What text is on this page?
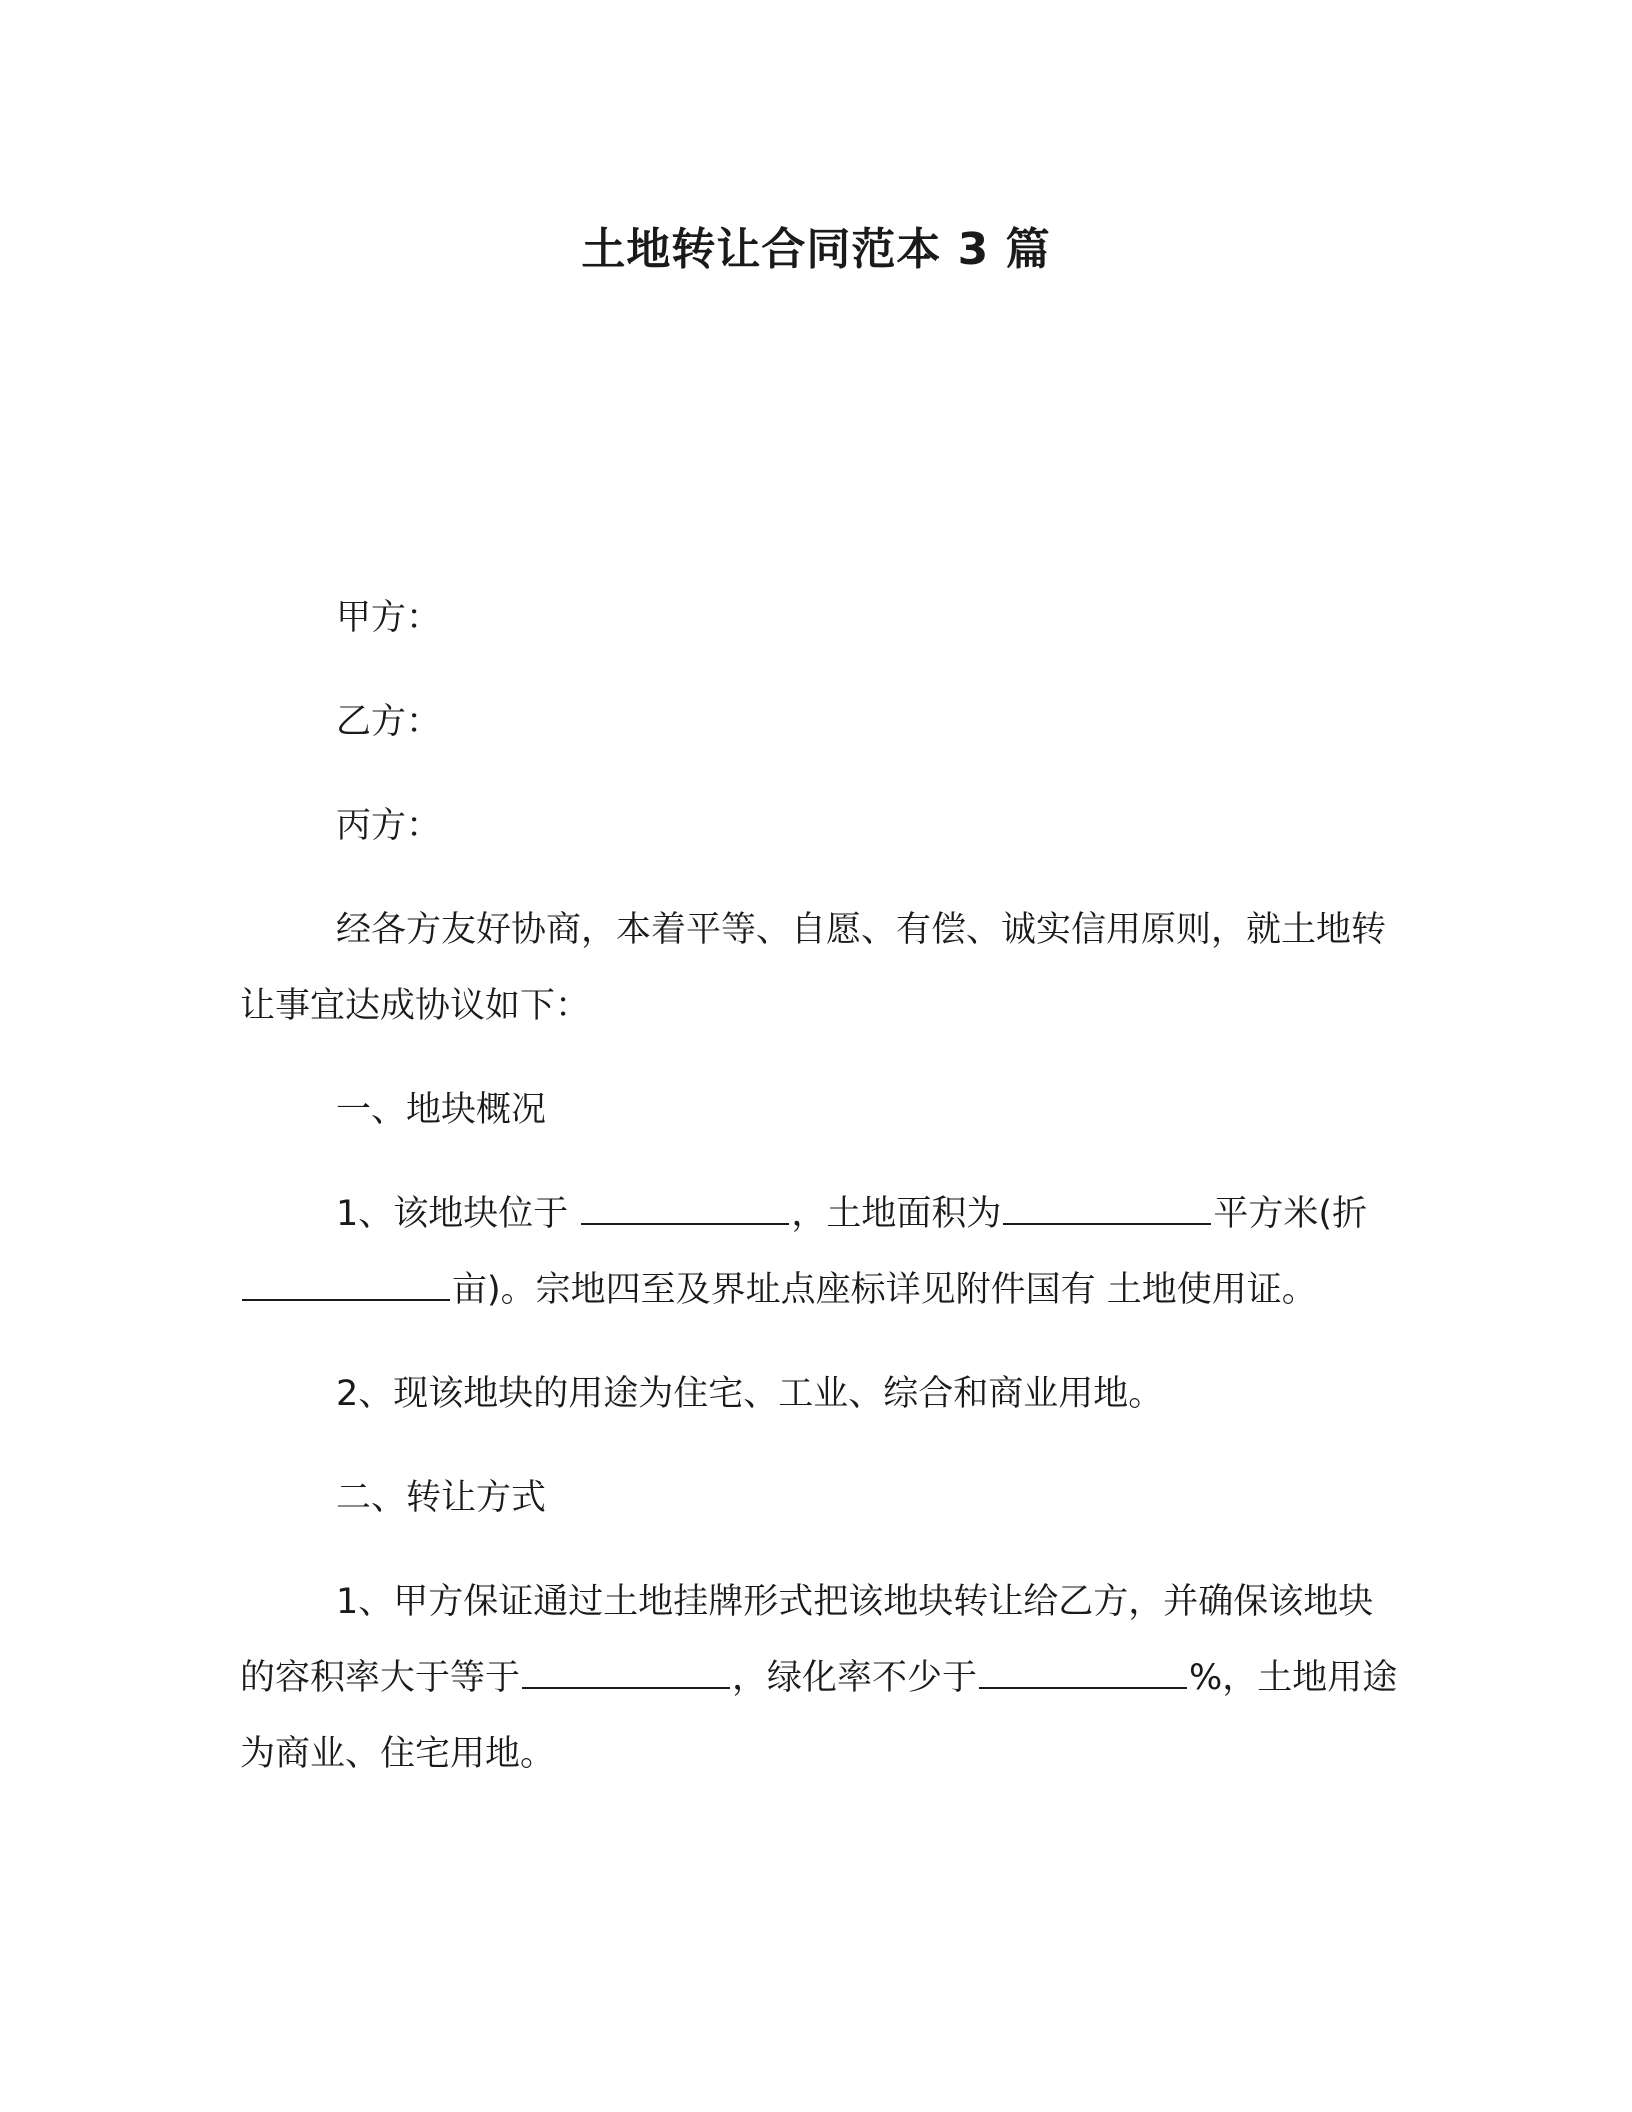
土地转让合同范本 3 篇

甲方：

乙方：

丙方：

经各方友好协商，本着平等、自愿、有偿、诚实信用原则，就土地转让事宜达成协议如下：

一、地块概况

1、该地块位于	，土地面积为	平方米(折亩)。宗地四至及界址点座标详见附件国有 土地使用证。

2、现该地块的用途为住宅、工业、综合和商业用地。

二、转让方式

1、甲方保证通过土地挂牌形式把该地块转让给乙方，并确保该地块的容积率大于等于	，绿化率不少于	%，土地用途为商业、住宅用地。
